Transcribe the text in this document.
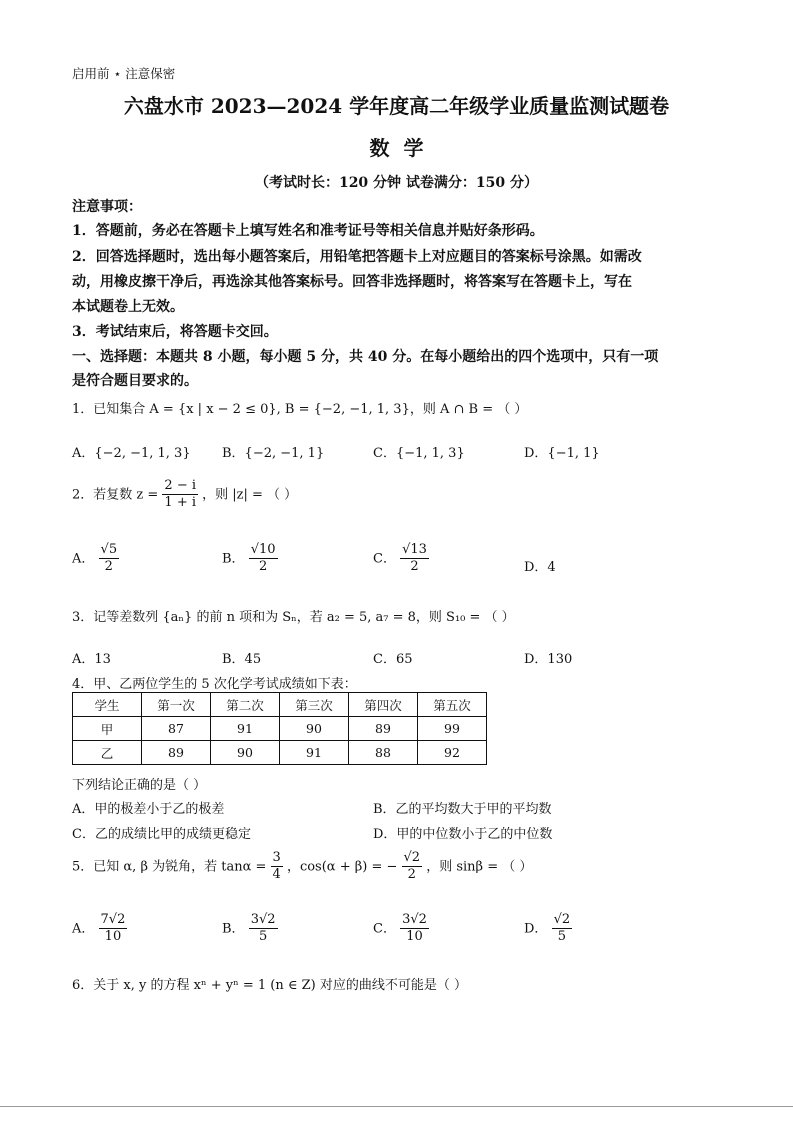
启用前 ⋆ 注意保密
六盘水市 2023—2024 学年度高二年级学业质量监测试题卷
数学
（考试时长：120 分钟 试卷满分：150 分）
注意事项：
1．答题前，务必在答题卡上填写姓名和准考证号等相关信息并贴好条形码。
2．回答选择题时，选出每小题答案后，用铅笔把答题卡上对应题目的答案标号涂黑。如需改
动，用橡皮擦干净后，再选涂其他答案标号。回答非选择题时，将答案写在答题卡上，写在
本试题卷上无效。
3．考试结束后，将答题卡交回。
一、选择题：本题共 8 小题，每小题 5 分，共 40 分。在每小题给出的四个选项中，只有一项
是符合题目要求的。
1．已知集合 A = {x | x − 2 ≤ 0}, B = {−2, −1, 1, 3}，则 A ∩ B = （ ）
A．{−2, −1, 1, 3} B．{−2, −1, 1}	C．{−1, 1, 3}	D．{−1, 1}
2．若复数 $z = \frac{2 - i}{1 + i}$ ，则 |z| = （ ）
A． $\frac{√5}{2}$	B． $\frac{√10}{2}$	C． $\frac{√13}{2}$	D．4
3．记等差数列 {aₙ} 的前 n 项和为 Sₙ，若 a₂ = 5, a₇ = 8，则 S₁₀ = （ ）
A．13	B．45	C．65	D．130
4．甲、乙两位学生的 5 次化学考试成绩如下表：
学生	第一次	第二次	第三次	第四次	第五次
甲	87	91	90	89	99
乙	89	90	91	88	92
下列结论正确的是（ ）
A．甲的极差小于乙的极差	B．乙的平均数大于甲的平均数
C．乙的成绩比甲的成绩更稳定	D．甲的中位数小于乙的中位数
5．已知 α, β 为锐角，若 $\tan\alpha = \frac{3}{4}$ ，cos(α + β) = − $\frac{√2}{2}$ ，则 sinβ = （ ）
A． $\frac{7√2}{10}$	B． $\frac{3√2}{5}$	C． $\frac{3√2}{10}$	D． $\frac{√2}{5}$
6．关于 x, y 的方程 xⁿ + yⁿ = 1 (n ∈ Z) 对应的曲线不可能是（ ）
